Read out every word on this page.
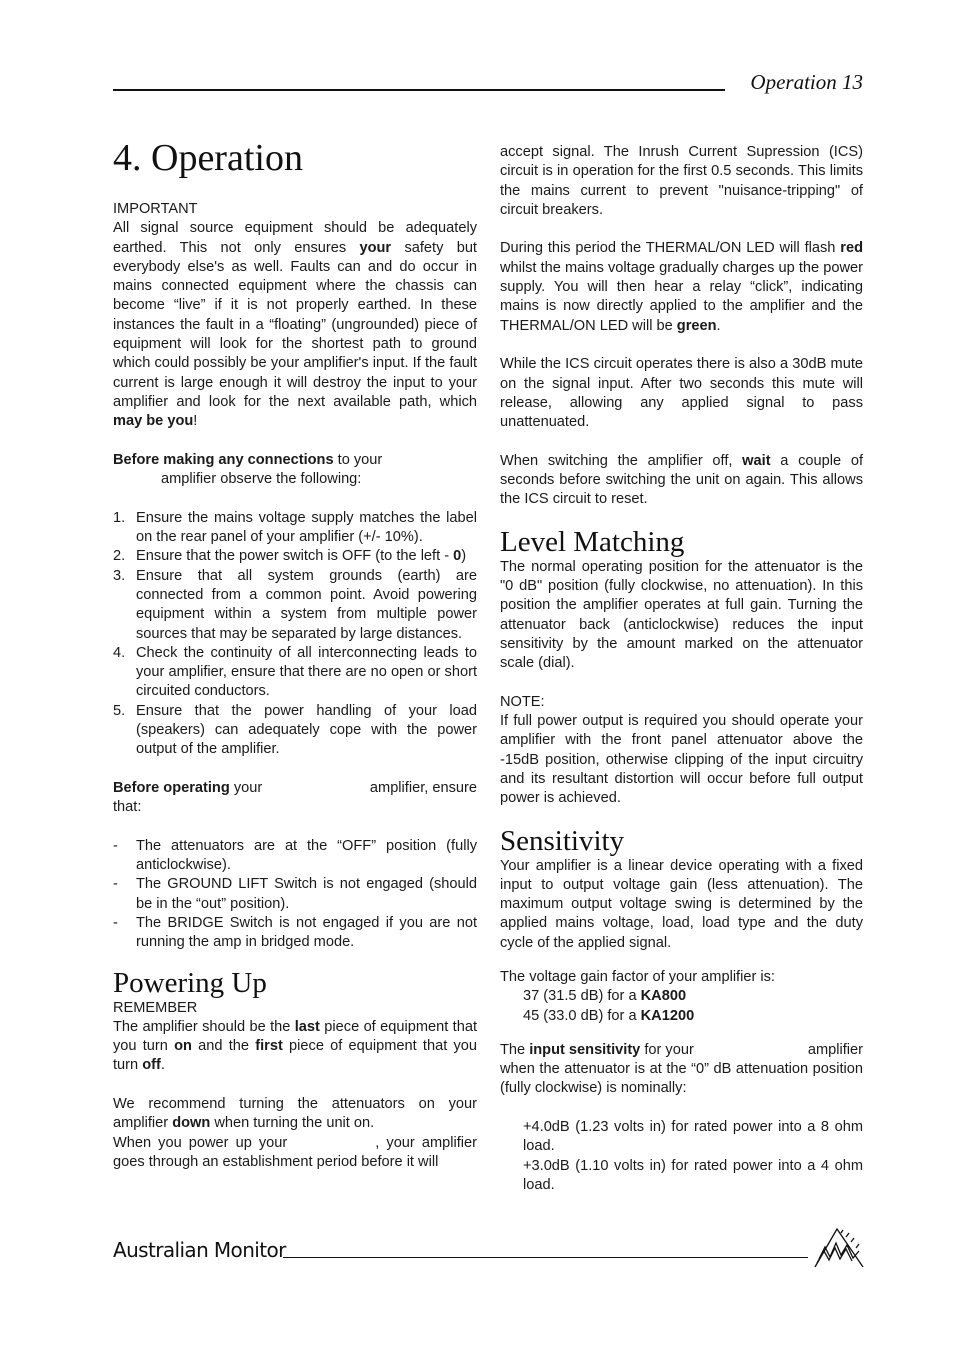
Operation 13
4. Operation

IMPORTANT

All signal source equipment should be adequately earthed. This not only ensures your safety but everybody else's as well. Faults can and do occur in mains connected equipment where the chassis can become “live” if it is not properly earthed. In these instances the fault in a “floating” (ungrounded) piece of equipment will look for the shortest path to ground which could possibly be your amplifier's input. If the fault current is large enough it will destroy the input to your amplifier and look for the next available path, which may be you!

Before making any connections to your

amplifier observe the following:

1. Ensure the mains voltage supply matches the label on the rear panel of your amplifier (+/- 10%).
2. Ensure that the power switch is OFF (to the left - 0)
3. Ensure that all system grounds (earth) are connected from a common point. Avoid powering equipment within a system from multiple power sources that may be separated by large distances.
4. Check the continuity of all interconnecting leads to your amplifier, ensure that there are no open or short circuited conductors.
5. Ensure that the power handling of your load (speakers) can adequately cope with the power output of the amplifier.

Before operating your	amplifier, ensure

that:

- The attenuators are at the “OFF” position (fully anticlockwise).
- The GROUND LIFT Switch is not engaged (should be in the “out” position).
- The BRIDGE Switch is not engaged if you are not running the amp in bridged mode.
Powering Up

REMEMBER

The amplifier should be the last piece of equipment that you turn on and the first piece of equipment that you turn off.

We recommend turning the attenuators on your amplifier down when turning the unit on.

When you power up your	, your amplifier goes through an establishment period before it will

accept signal. The Inrush Current Supression (ICS) circuit is in operation for the first 0.5 seconds. This limits the mains current to prevent "nuisance-tripping" of circuit breakers.

During this period the THERMAL/ON LED will flash red whilst the mains voltage gradually charges up the power supply. You will then hear a relay “click”, indicating mains is now directly applied to the amplifier and the THERMAL/ON LED will be green.

While the ICS circuit operates there is also a 30dB mute on the signal input. After two seconds this mute will release, allowing any applied signal to pass unattenuated.

When switching the amplifier off, wait a couple of seconds before switching the unit on again. This allows the ICS circuit to reset.

Level Matching

The normal operating position for the attenuator is the "0 dB" position (fully clockwise, no attenuation). In this position the amplifier operates at full gain. Turning the attenuator back (anticlockwise) reduces the input sensitivity by the amount marked on the attenuator scale (dial).

NOTE:

If full power output is required you should operate your amplifier with the front panel attenuator above the -15dB position, otherwise clipping of the input circuitry and its resultant distortion will occur before full output power is achieved.

Sensitivity

Your amplifier is a linear device operating with a fixed input to output voltage gain (less attenuation). The maximum output voltage swing is determined by the applied mains voltage, load, load type and the duty cycle of the applied signal.

The voltage gain factor of your amplifier is:

37 (31.5 dB) for a KA800

45 (33.0 dB) for a KA1200

The input sensitivity for your	amplifier

when the attenuator is at the “0” dB attenuation position (fully clockwise) is nominally:

+4.0dB (1.23 volts in) for rated power into a 8 ohm load.

+3.0dB (1.10 volts in) for rated power into a 4 ohm load.

Australian Monitor
